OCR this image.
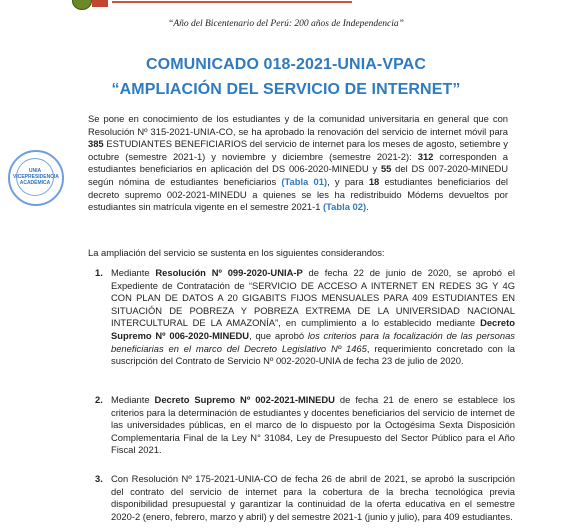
“Año del Bicentenario del Perú: 200 años de Independencia”
COMUNICADO 018-2021-UNIA-VPAC
“AMPLIACIÓN DEL SERVICIO DE INTERNET”
UNIA VICEPRESIDENCIA ACADÉMICA
Se pone en conocimiento de los estudiantes y de la comunidad universitaria en general que con Resolución Nº 315-2021-UNIA-CO, se ha aprobado la renovación del servicio de internet móvil para 385 ESTUDIANTES BENEFICIARIOS del servicio de internet para los meses de agosto, setiembre y octubre (semestre 2021-1) y noviembre y diciembre (semestre 2021-2): 312 corresponden a estudiantes beneficiarios en aplicación del DS 006-2020-MINEDU y 55 del DS 007-2020-MINEDU según nómina de estudiantes beneficiarios (Tabla 01), y para 18 estudiantes beneficiarios del decreto supremo 002-2021-MINEDU a quienes se les ha redistribuido Módems devueltos por estudiantes sin matrícula vigente en el semestre 2021-1 (Tabla 02).
La ampliación del servicio se sustenta en los siguientes considerandos:
1. Mediante Resolución Nº 099-2020-UNIA-P de fecha 22 de junio de 2020, se aprobó el Expediente de Contratación de “SERVICIO DE ACCESO A INTERNET EN REDES 3G Y 4G CON PLAN DE DATOS A 20 GIGABITS FIJOS MENSUALES PARA 409 ESTUDIANTES EN SITUACIÓN DE POBREZA Y POBREZA EXTREMA DE LA UNIVERSIDAD NACIONAL INTERCULTURAL DE LA AMAZONÍA”, en cumplimiento a lo establecido mediante Decreto Supremo Nº 006-2020-MINEDU, que aprobó los criterios para la focalización de las personas beneficiarias en el marco del Decreto Legislativo Nº 1465, requerimiento concretado con la suscripción del Contrato de Servicio Nº 002-2020-UNIA de fecha 23 de julio de 2020.
2. Mediante Decreto Supremo Nº 002-2021-MINEDU de fecha 21 de enero se establece los criterios para la determinación de estudiantes y docentes beneficiarios del servicio de internet de las universidades públicas, en el marco de lo dispuesto por la Octogésima Sexta Disposición Complementaria Final de la Ley N° 31084, Ley de Presupuesto del Sector Público para el Año Fiscal 2021.
3. Con Resolución Nº 175-2021-UNIA-CO de fecha 26 de abril de 2021, se aprobó la suscripción del contrato del servicio de internet para la cobertura de la brecha tecnológica previa disponibilidad presupuestal y garantizar la continuidad de la oferta educativa en el semestre 2020-2 (enero, febrero, marzo y abril) y del semestre 2021-1 (junio y julio), para 409 estudiantes.
